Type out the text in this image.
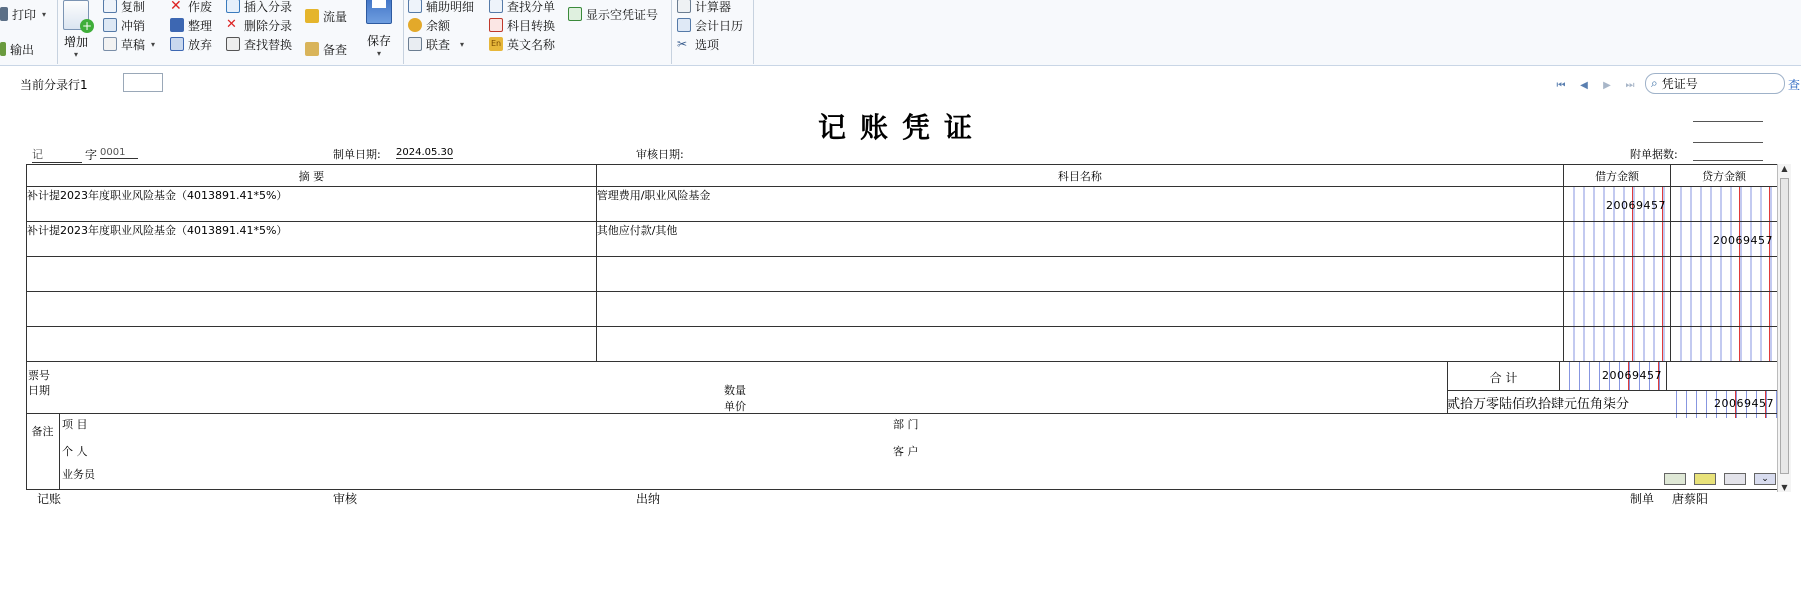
打印 ▾
输出
+
增加
▾
复制
冲销
草稿 ▾
✕ 作废
整理
放弃
插入分录
✕ 删除分录
查找替换
流量
备查
保存
▾
辅助明细
余额
联查 ▾
查找分单
科目转换
En 英文名称
显示空凭证号
计算器
会计日历
✂ 选项
当前分录行1	⏮	◀	▶	⏭ ⌕
凭证号	查
记账凭证
记	字 0001	制单日期: 2024.05.30	审核日期:	附单据数:
摘 要	科目名称	借方金额	贷方金额
补计提2023年度职业风险基金（4013891.41*5%）	管理费用/职业风险基金	20069457	

补计提2023年度职业风险基金（4013891.41*5%）	其他应付款/其他		20069457

票号
日期	数量
单价
合 计	20069457
20069457
贰拾万零陆佰玖拾肆元伍角柒分
备注
项 目	部 门
个 人	客 户
业务员	⌄
▲
▼
记账	审核	出纳	制单 唐蔡阳
